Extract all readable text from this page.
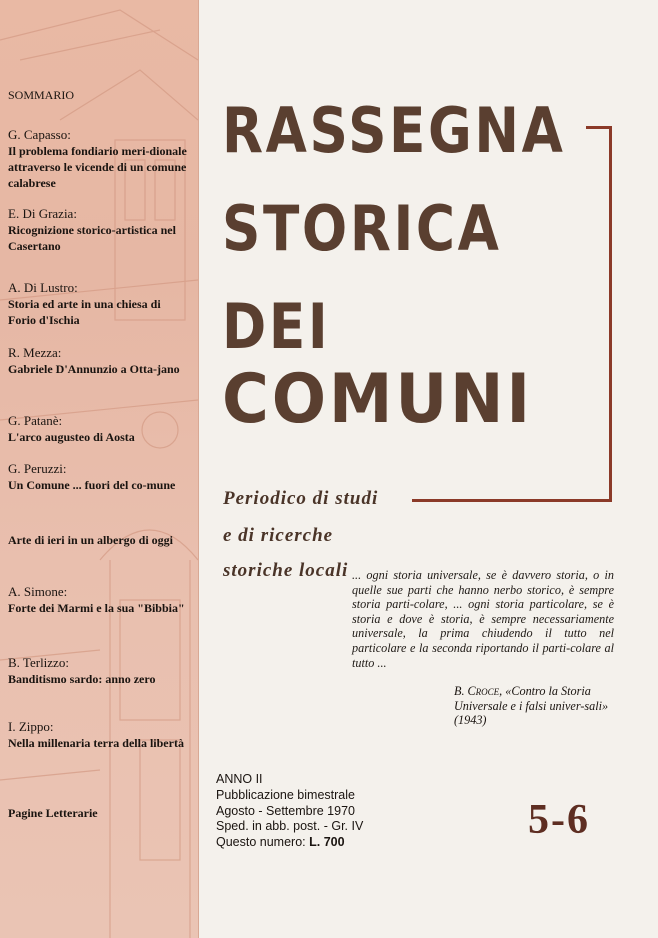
SOMMARIO
G. Capasso:
Il problema fondiario meri-dionale attraverso le vicende di un comune calabrese
E. Di Grazia:
Ricognizione storico-artistica nel Casertano
A. Di Lustro:
Storia ed arte in una chiesa di Forio d'Ischia
R. Mezza:
Gabriele D'Annunzio a Otta-jano
G. Patanè:
L'arco augusteo di Aosta
G. Peruzzi:
Un Comune ... fuori del co-mune
Arte di ieri in un albergo di oggi
A. Simone:
Forte dei Marmi e la sua "Bibbia"
B. Terlizzo:
Banditismo sardo: anno zero
I. Zippo:
Nella millenaria terra della libertà
Pagine Letterarie
RASSEGNA
STORICA
DEI
COMUNI
Periodico di studi
e di ricerche
storiche locali ... ogni storia universale, se è davvero storia, o in quelle sue parti che hanno nerbo storico, è sempre storia parti-colare, ... ogni storia particolare, se è storia e dove è storia, è sempre necessariamente universale, la prima chiudendo il tutto nel particolare e la seconda riportando il parti-colare al tutto ...

B. Croce, «Contro la Storia Universale e i falsi univer-sali» (1943)
ANNO II
Pubblicazione bimestrale
Agosto - Settembre 1970
Sped. in abb. post. - Gr. IV
Questo numero: L. 700	5-6
